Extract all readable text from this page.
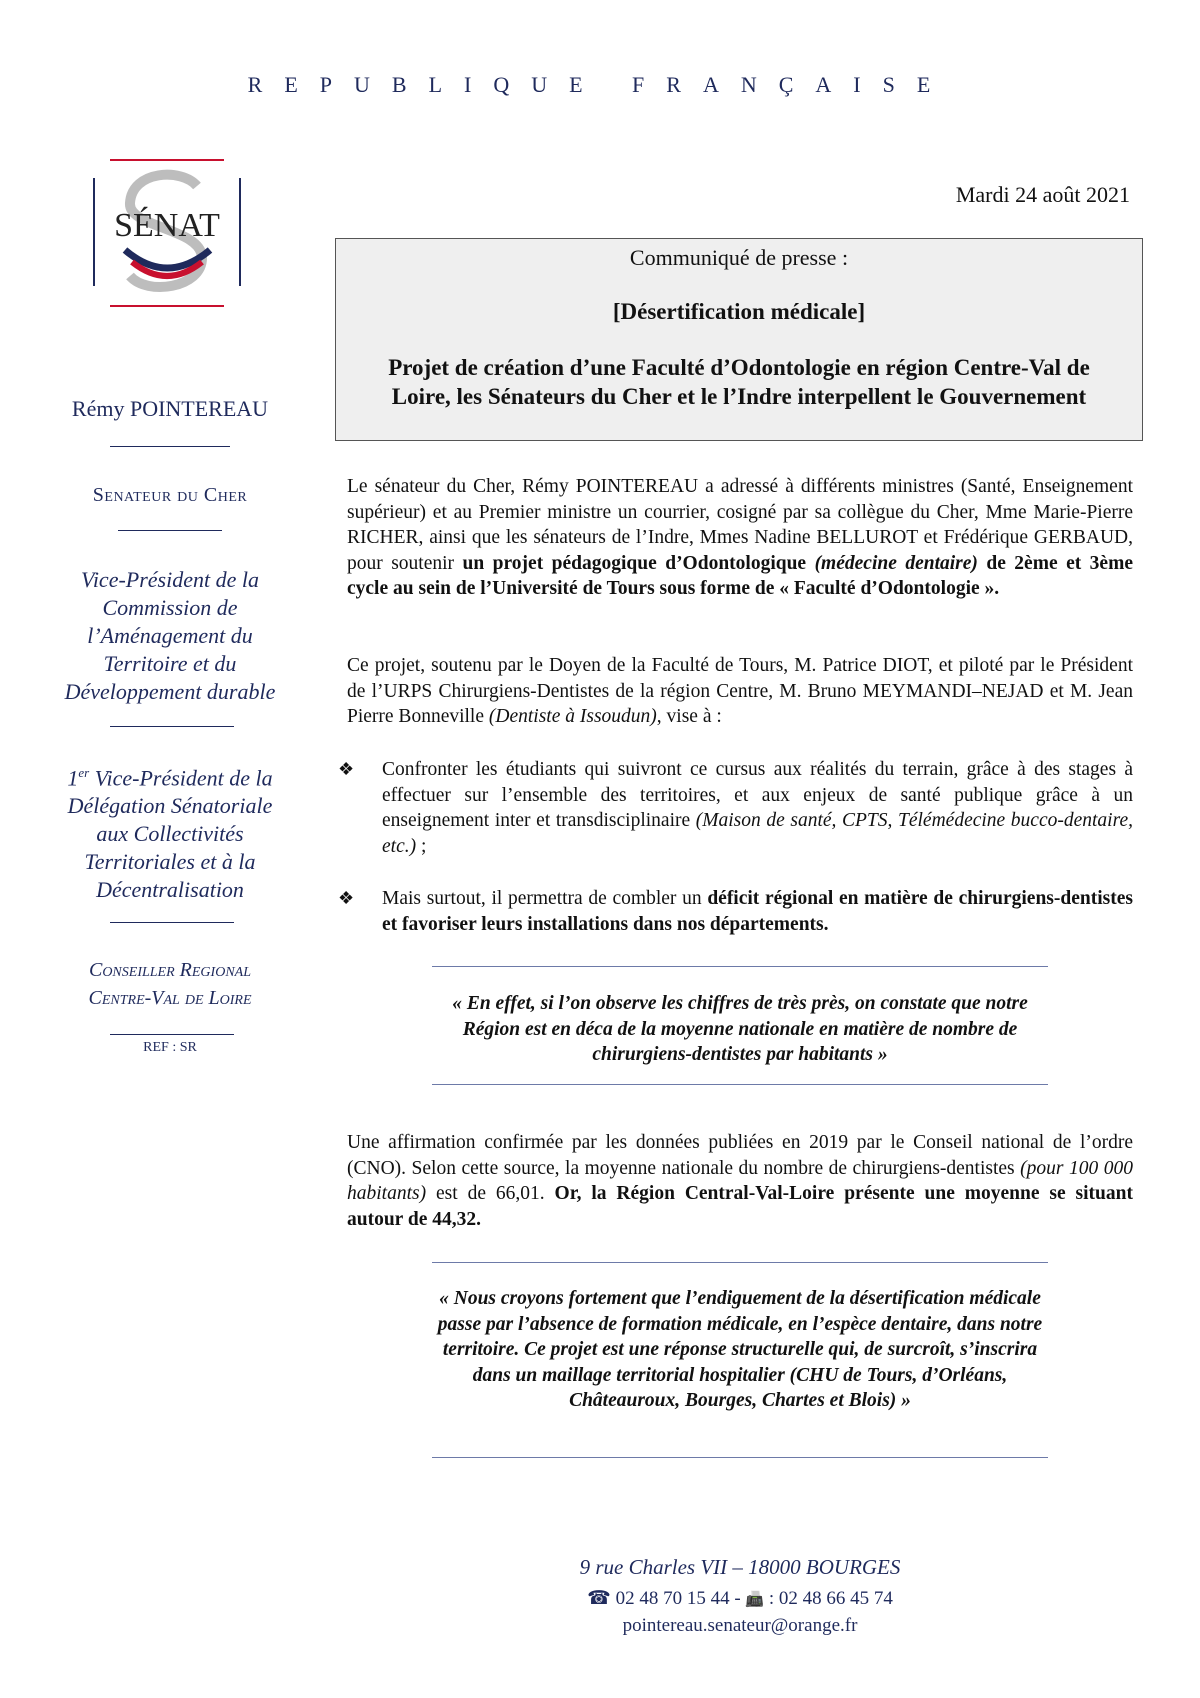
REPUBLIQUE FRANÇAISE
SÉNAT
Mardi 24 août 2021
Communiqué de presse :
[Désertification médicale]
Projet de création d’une Faculté d’Odontologie en région Centre-Val de Loire, les Sénateurs du Cher et le l’Indre interpellent le Gouvernement
Rémy POINTEREAU
Senateur du Cher
Vice-Président de la
Commission de
l’Aménagement du
Territoire et du
Développement durable
1er Vice-Président de la
Délégation Sénatoriale
aux Collectivités
Territoriales et à la
Décentralisation
Conseiller Regional
Centre-Val de Loire
REF : SR
Le sénateur du Cher, Rémy POINTEREAU a adressé à différents ministres (Santé, Enseignement supérieur) et au Premier ministre un courrier, cosigné par sa collègue du Cher, Mme Marie-Pierre RICHER, ainsi que les sénateurs de l’Indre, Mmes Nadine BELLUROT et Frédérique GERBAUD, pour soutenir un projet pédagogique d’Odontologique (médecine dentaire) de 2ème et 3ème cycle au sein de l’Université de Tours sous forme de « Faculté d’Odontologie ».
Ce projet, soutenu par le Doyen de la Faculté de Tours, M. Patrice DIOT, et piloté par le Président de l’URPS Chirurgiens-Dentistes de la région Centre, M. Bruno MEYMANDI–NEJAD et M. Jean Pierre Bonneville (Dentiste à Issoudun), vise à :
❖ Confronter les étudiants qui suivront ce cursus aux réalités du terrain, grâce à des stages à effectuer sur l’ensemble des territoires, et aux enjeux de santé publique grâce à un enseignement inter et transdisciplinaire (Maison de santé, CPTS, Télémédecine bucco-dentaire, etc.) ;
❖ Mais surtout, il permettra de combler un déficit régional en matière de chirurgiens-dentistes et favoriser leurs installations dans nos départements.
« En effet, si l’on observe les chiffres de très près, on constate que notre Région est en déca de la moyenne nationale en matière de nombre de chirurgiens-dentistes par habitants »
Une affirmation confirmée par les données publiées en 2019 par le Conseil national de l’ordre (CNO). Selon cette source, la moyenne nationale du nombre de chirurgiens-dentistes (pour 100 000 habitants) est de 66,01. Or, la Région Central-Val-Loire présente une moyenne se situant autour de 44,32.
« Nous croyons fortement que l’endiguement de la désertification médicale passe par l’absence de formation médicale, en l’espèce dentaire, dans notre territoire. Ce projet est une réponse structurelle qui, de surcroît, s’inscrira dans un maillage territorial hospitalier (CHU de Tours, d’Orléans, Châteauroux, Bourges, Chartes et Blois) »
9 rue Charles VII – 18000 BOURGES
☎ 02 48 70 15 44 - 📠 : 02 48 66 45 74
pointereau.senateur@orange.fr
